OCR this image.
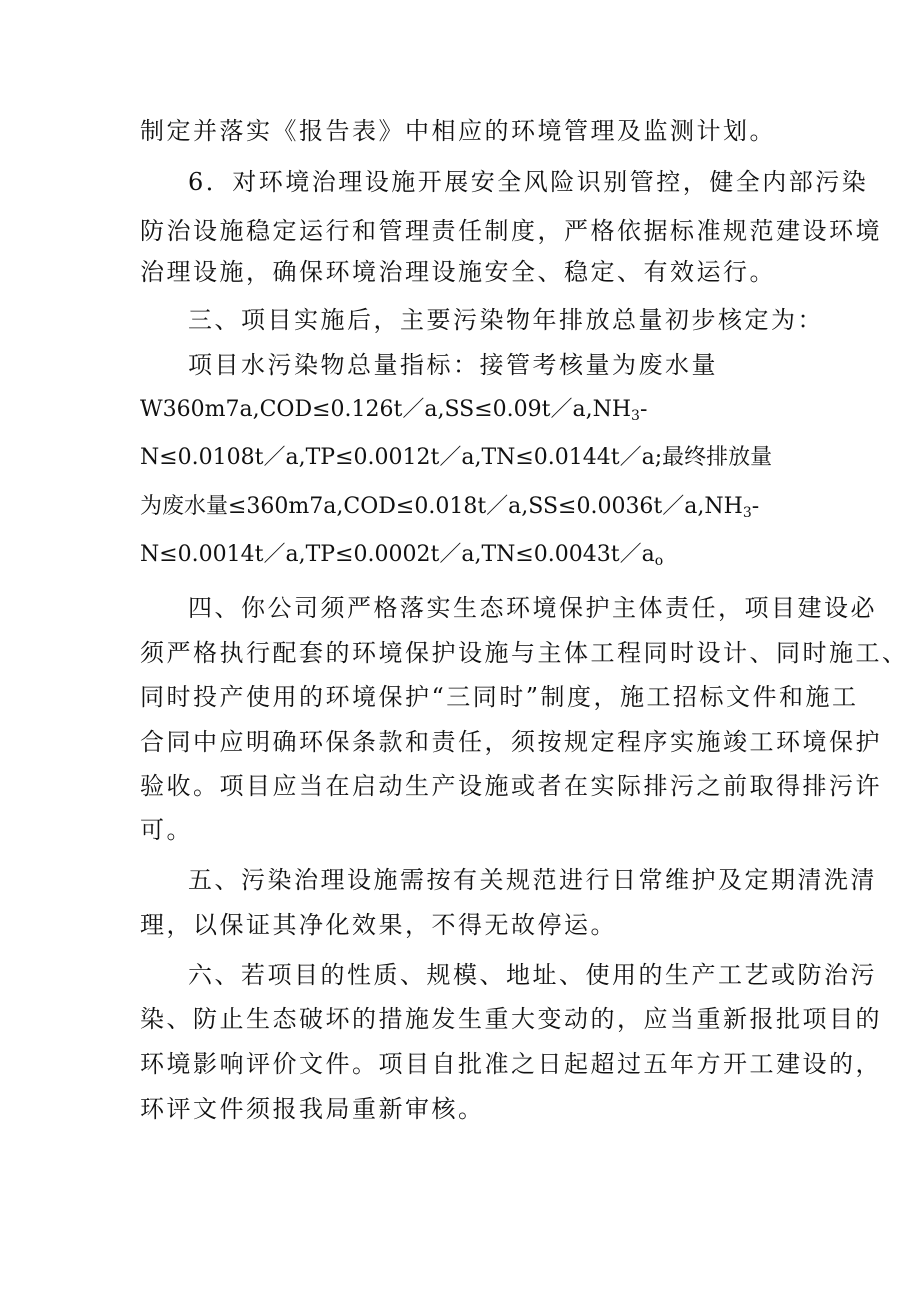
制定并落实《报告表》中相应的环境管理及监测计划。
6．对环境治理设施开展安全风险识别管控，健全内部污染
防治设施稳定运行和管理责任制度，严格依据标准规范建设环境
治理设施，确保环境治理设施安全、稳定、有效运行。
三、项目实施后，主要污染物年排放总量初步核定为：
项目水污染物总量指标：接管考核量为废水量
$W360m7a,COD\le 0.126t/a,SS\le 0.09t/a,NH_3-$
N≤0.0108t／a,TP≤0.0012t／a,TN≤0.0144t／a;最终排放量
为废水量$\le 360m7a,COD\le 0.018t/a,SS\le 0.0036t/a,NH_3-$
$N\le 0.0014t/a,TP\le 0.0002t/a,TN\le 0.0043t/a_o$
四、你公司须严格落实生态环境保护主体责任，项目建设必
须严格执行配套的环境保护设施与主体工程同时设计、同时施工、
同时投产使用的环境保护“三同时”制度，施工招标文件和施工
合同中应明确环保条款和责任，须按规定程序实施竣工环境保护
验收。项目应当在启动生产设施或者在实际排污之前取得排污许
可。
五、污染治理设施需按有关规范进行日常维护及定期清洗清
理，以保证其净化效果，不得无故停运。
六、若项目的性质、规模、地址、使用的生产工艺或防治污
染、防止生态破坏的措施发生重大变动的，应当重新报批项目的
环境影响评价文件。项目自批准之日起超过五年方开工建设的，
环评文件须报我局重新审核。
